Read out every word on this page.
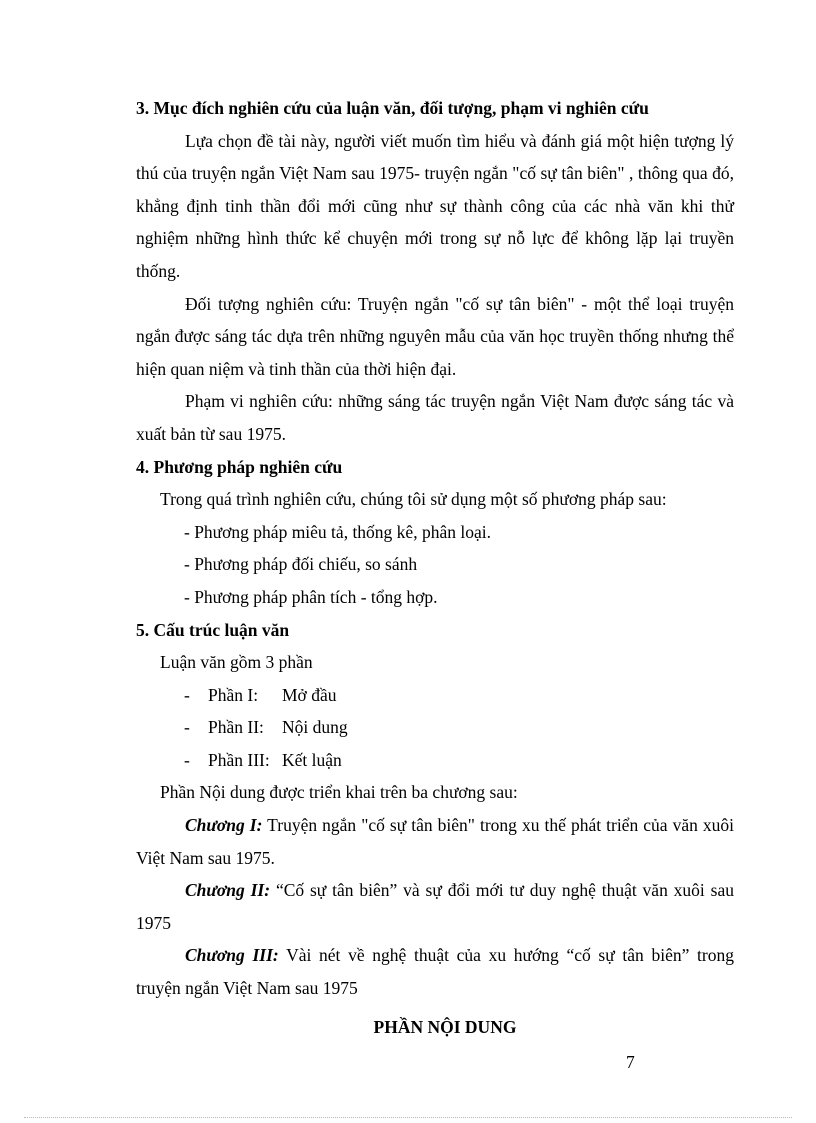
3. Mục đích nghiên cứu của luận văn, đối tượng, phạm vi nghiên cứu

Lựa chọn đề tài này, người viết muốn tìm hiểu và đánh giá một hiện tượng lý thú của truyện ngắn Việt Nam sau 1975- truyện ngắn "cố sự tân biên" , thông qua đó, khẳng định tinh thần đổi mới cũng như sự thành công của các nhà văn khi thử nghiệm những hình thức kể chuyện mới trong sự nỗ lực để không lặp lại truyền thống.

Đối tượng nghiên cứu: Truyện ngắn "cố sự tân biên" - một thể loại truyện ngắn được sáng tác dựa trên những nguyên mẫu của văn học truyền thống nhưng thể hiện quan niệm và tinh thần của thời hiện đại.

Phạm vi nghiên cứu: những sáng tác truyện ngắn Việt Nam được sáng tác và xuất bản từ sau 1975.

4. Phương pháp nghiên cứu

Trong quá trình nghiên cứu, chúng tôi sử dụng một số phương pháp sau:

- Phương pháp miêu tả, thống kê, phân loại.

- Phương pháp đối chiếu, so sánh

- Phương pháp phân tích - tổng hợp.

5. Cấu trúc luận văn

Luận văn gồm 3 phần

-	Phần I:	Mở đầu

-	Phần II:	Nội dung

-	Phần III: Kết luận

Phần Nội dung được triển khai trên ba chương sau:

Chương I: Truyện ngắn "cố sự tân biên" trong xu thế phát triển của văn xuôi Việt Nam sau 1975.

Chương II: “Cố sự tân biên” và sự đổi mới tư duy nghệ thuật văn xuôi sau 1975

Chương III: Vài nét về nghệ thuật của xu hướng “cố sự tân biên” trong truyện ngắn Việt Nam sau 1975

PHẦN NỘI DUNG

7
